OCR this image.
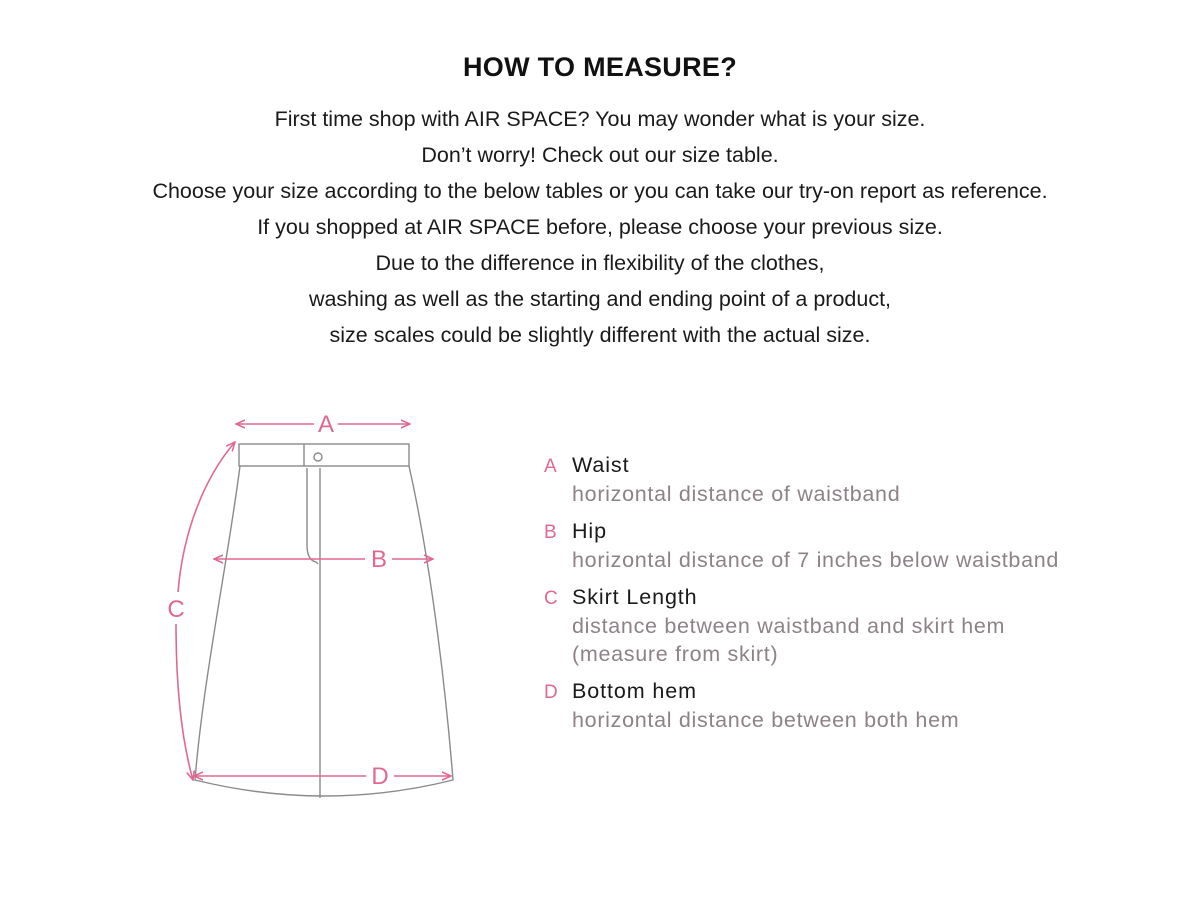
HOW TO MEASURE?
First time shop with AIR SPACE? You may wonder what is your size.
Don’t worry! Check out our size table.
Choose your size according to the below tables or you can take our try-on report as reference.
If you shopped at AIR SPACE before, please choose your previous size.
Due to the difference in flexibility of the clothes,
washing as well as the starting and ending point of a product,
size scales could be slightly different with the actual size.
A
B
C
D
A Waist
horizontal distance of waistband
B Hip
horizontal distance of 7 inches below waistband
C Skirt Length
distance between waistband and skirt hem
(measure from skirt)
D Bottom hem
horizontal distance between both hem
